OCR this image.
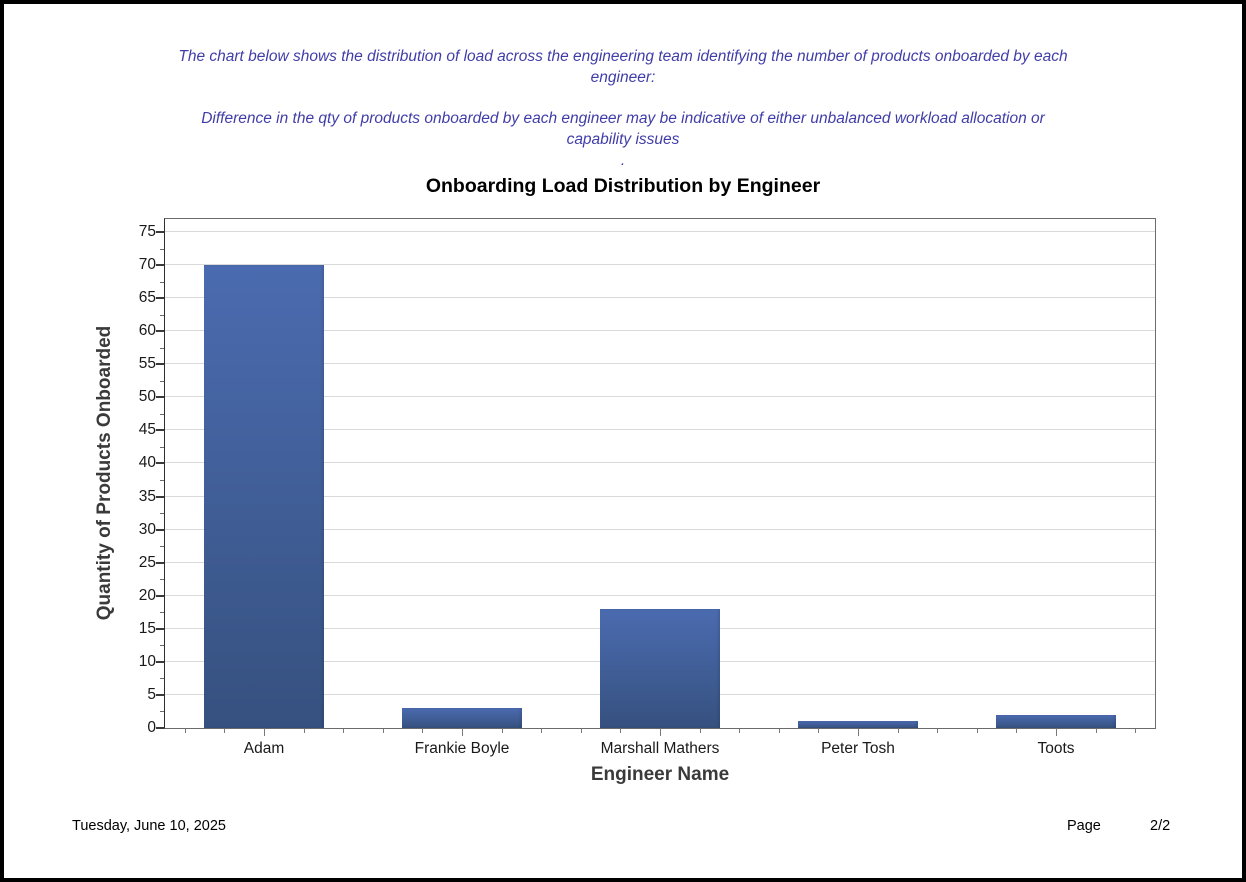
The chart below shows the distribution of load across the engineering team identifying the number of products onboarded by each engineer:

Difference in the qty of products onboarded by each engineer may be indicative of either unbalanced workload allocation or capability issues

.

Onboarding Load Distribution by Engineer
Quantity of Products Onboarded
0
5
10
15
20
25
30
35
40
45
50
55
60
65
70
75
Adam	Frankie Boyle	Marshall Mathers	Peter Tosh	Toots
Engineer Name
Tuesday, June 10, 2025	Page	2/2
